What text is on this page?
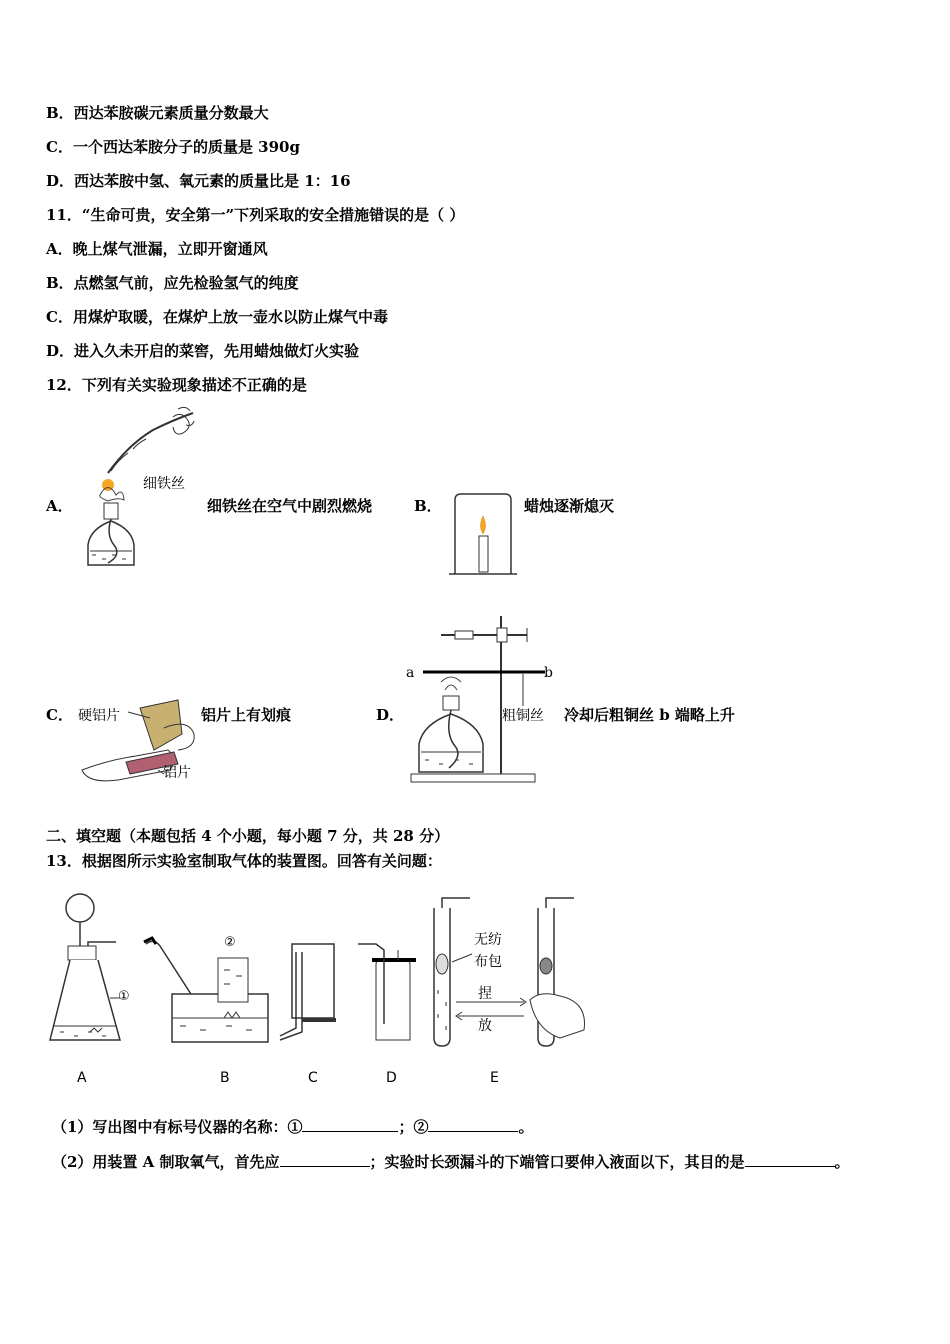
B．西达苯胺碳元素质量分数最大
C．一个西达苯胺分子的质量是 390g
D．西达苯胺中氢、氧元素的质量比是 1：16
11．“生命可贵，安全第一”下列采取的安全措施错误的是（ ）
A．晚上煤气泄漏，立即开窗通风
B．点燃氢气前，应先检验氢气的纯度
C．用煤炉取暖，在煤炉上放一壶水以防止煤气中毒
D．进入久未开启的菜窖，先用蜡烛做灯火实验
12．下列有关实验现象描述不正确的是
A．
细铁丝
细铁丝在空气中剧烈燃烧	B．	蜡烛逐渐熄灭
C． 硬铝片
铝片
铝片上有划痕	D．
a	b
粗铜丝 冷却后粗铜丝 b 端略上升
二、填空题（本题包括 4 个小题，每小题 7 分，共 28 分）
13．根据图所示实验室制取气体的装置图。回答有关问题：
①
②	无纺
布包
捏
放
A	B	C	D	E
（1）写出图中有标号仪器的名称：①	；②	。
（2）用装置 A 制取氧气，首先应	；实验时长颈漏斗的下端管口要伸入液面以下，其目的是	。
